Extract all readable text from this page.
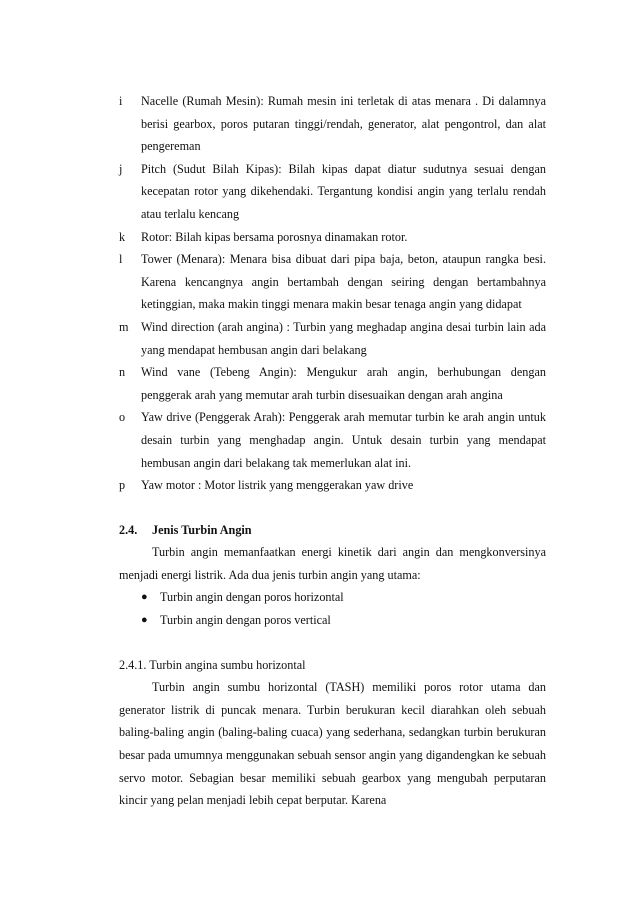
i	Nacelle (Rumah Mesin): Rumah mesin ini terletak di atas menara . Di dalamnya berisi gearbox, poros putaran tinggi/rendah, generator, alat pengontrol, dan alat pengereman
j	Pitch (Sudut Bilah Kipas): Bilah kipas dapat diatur sudutnya sesuai dengan kecepatan rotor yang dikehendaki. Tergantung kondisi angin yang terlalu rendah atau terlalu kencang
k	Rotor: Bilah kipas bersama porosnya dinamakan rotor.
l	Tower (Menara): Menara bisa dibuat dari pipa baja, beton, ataupun rangka besi. Karena kencangnya angin bertambah dengan seiring dengan bertambahnya ketinggian, maka makin tinggi menara makin besar tenaga angin yang didapat
m	Wind direction (arah angina) : Turbin yang meghadap angina desai turbin lain ada yang mendapat hembusan angin dari belakang
n	Wind vane (Tebeng Angin): Mengukur arah angin, berhubungan dengan penggerak arah yang memutar arah turbin disesuaikan dengan arah angina
o	Yaw drive (Penggerak Arah): Penggerak arah memutar turbin ke arah angin untuk desain turbin yang menghadap angin. Untuk desain turbin yang mendapat hembusan angin dari belakang tak memerlukan alat ini.
p	Yaw motor : Motor listrik yang menggerakan yaw drive
2.4. Jenis Turbin Angin
Turbin angin memanfaatkan energi kinetik dari angin dan mengkonversinya menjadi energi listrik. Ada dua jenis turbin angin yang utama:
●	Turbin angin dengan poros horizontal
●	Turbin angin dengan poros vertical
2.4.1. Turbin angina sumbu horizontal
Turbin angin sumbu horizontal (TASH) memiliki poros rotor utama dan generator listrik di puncak menara. Turbin berukuran kecil diarahkan oleh sebuah baling-baling angin (baling-baling cuaca) yang sederhana, sedangkan turbin berukuran besar pada umumnya menggunakan sebuah sensor angin yang digandengkan ke sebuah servo motor. Sebagian besar memiliki sebuah gearbox yang mengubah perputaran kincir yang pelan menjadi lebih cepat berputar. Karena
